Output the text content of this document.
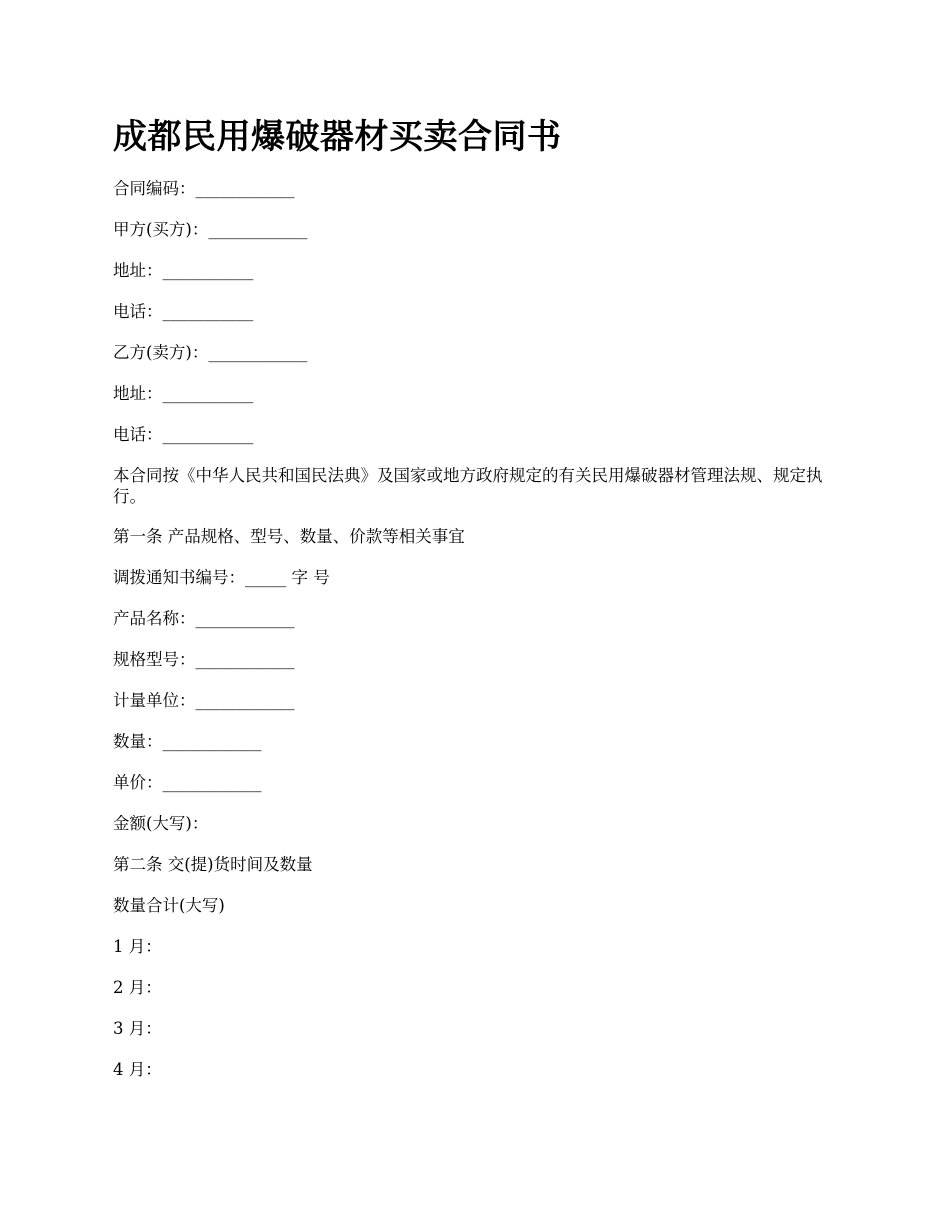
成都民用爆破器材买卖合同书

合同编码：____________

甲方(买方)：____________

地址：___________

电话：___________

乙方(卖方)：____________

地址：___________

电话：___________

本合同按《中华人民共和国民法典》及国家或地方政府规定的有关民用爆破器材管理法规、规定执行。

第一条 产品规格、型号、数量、价款等相关事宜

调拨通知书编号：_____ 字 号

产品名称：____________

规格型号：____________

计量单位：____________

数量：____________

单价：____________

金额(大写)：

第二条 交(提)货时间及数量

数量合计(大写)

1 月：

2 月：

3 月：

4 月：
